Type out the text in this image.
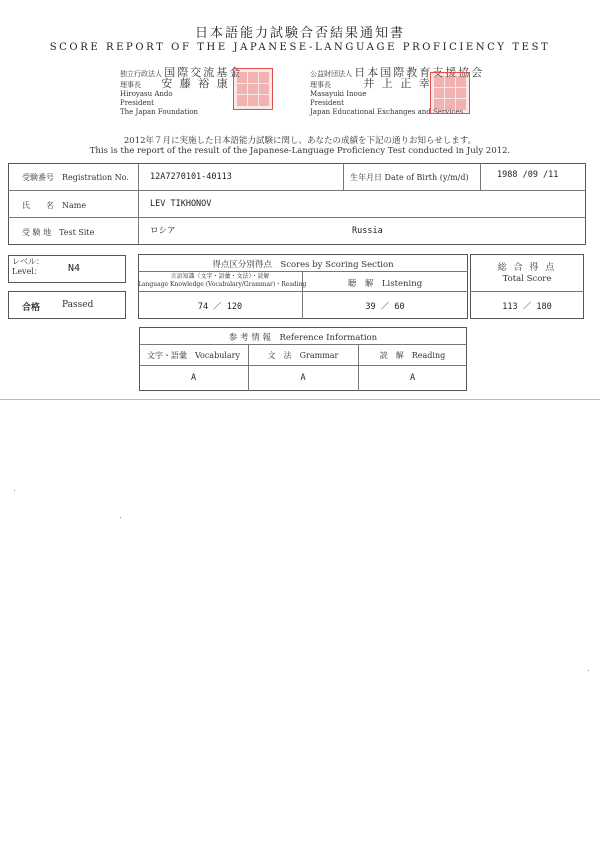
日本語能力試験合否結果通知書
SCORE REPORT OF THE JAPANESE-LANGUAGE PROFICIENCY TEST
独立行政法人 国際交流基金
理事長 安 藤 裕 康
Hiroyasu Ando
President
The Japan Foundation
公益財団法人 日本国際教育支援協会
理事長	井 上 正 幸
Masayuki Inoue
President
Japan Educational Exchanges and Services
2012年７月に実施した日本語能力試験に関し、あなたの成績を下記の通りお知らせします。
This is the report of the result of the Japanese-Language Proficiency Test conducted in July 2012.
受験番号　Registration No. 12A7270101-40113	生年月日 Date of Birth (y/m/d)	1988 /09 /11
氏　　名　Name	LEV TIKHONOV
受 験 地　Test Site	ロシア	Russia
レベル：
Level：	N4
合格 Passed
得点区分別得点　Scores by Scoring Section
言語知識（文字・語彙・文法）・読解
Language Knowledge (Vocabulary/Grammar)・Reading	聴　解　Listening
74 ／ 120	39 ／ 60
総 合 得 点
Total Score
113 ／ 180
参 考 情 報　Reference Information
文字・語彙　Vocabulary	文　法　Grammar	読　解　Reading
A	A	A
